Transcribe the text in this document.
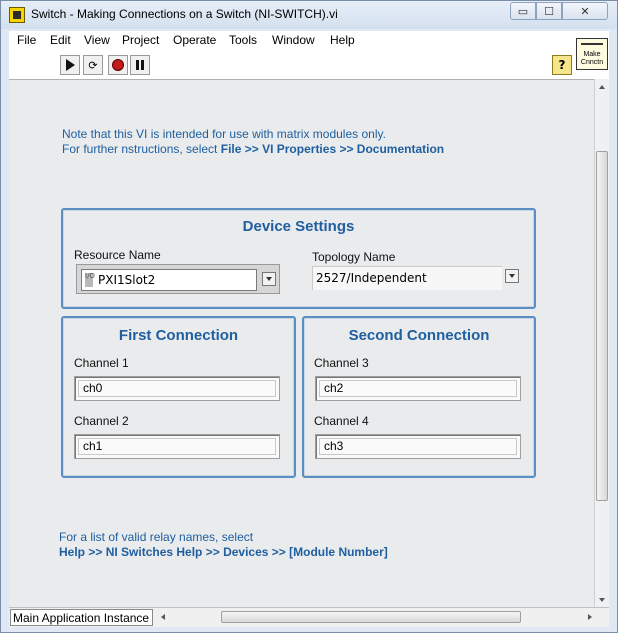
Switch - Making Connections on a Switch (NI-SWITCH).vi	▭ ☐ ✕
File Edit View Project Operate Tools Window Help
⟳	?
Make Cnnctn
Note that this VI is intended for use with matrix modules only.
For further nstructions, select File >> VI Properties >> Documentation
Device Settings
Resource Name
I/O PXI1Slot2
Topology Name
2527/Independent
First Connection
Channel 1
ch0
Channel 2
ch1
Second Connection
Channel 3
ch2
Channel 4
ch3
For a list of valid relay names, select
Help >> NI Switches Help >> Devices >> [Module Number]
Main Application Instance
